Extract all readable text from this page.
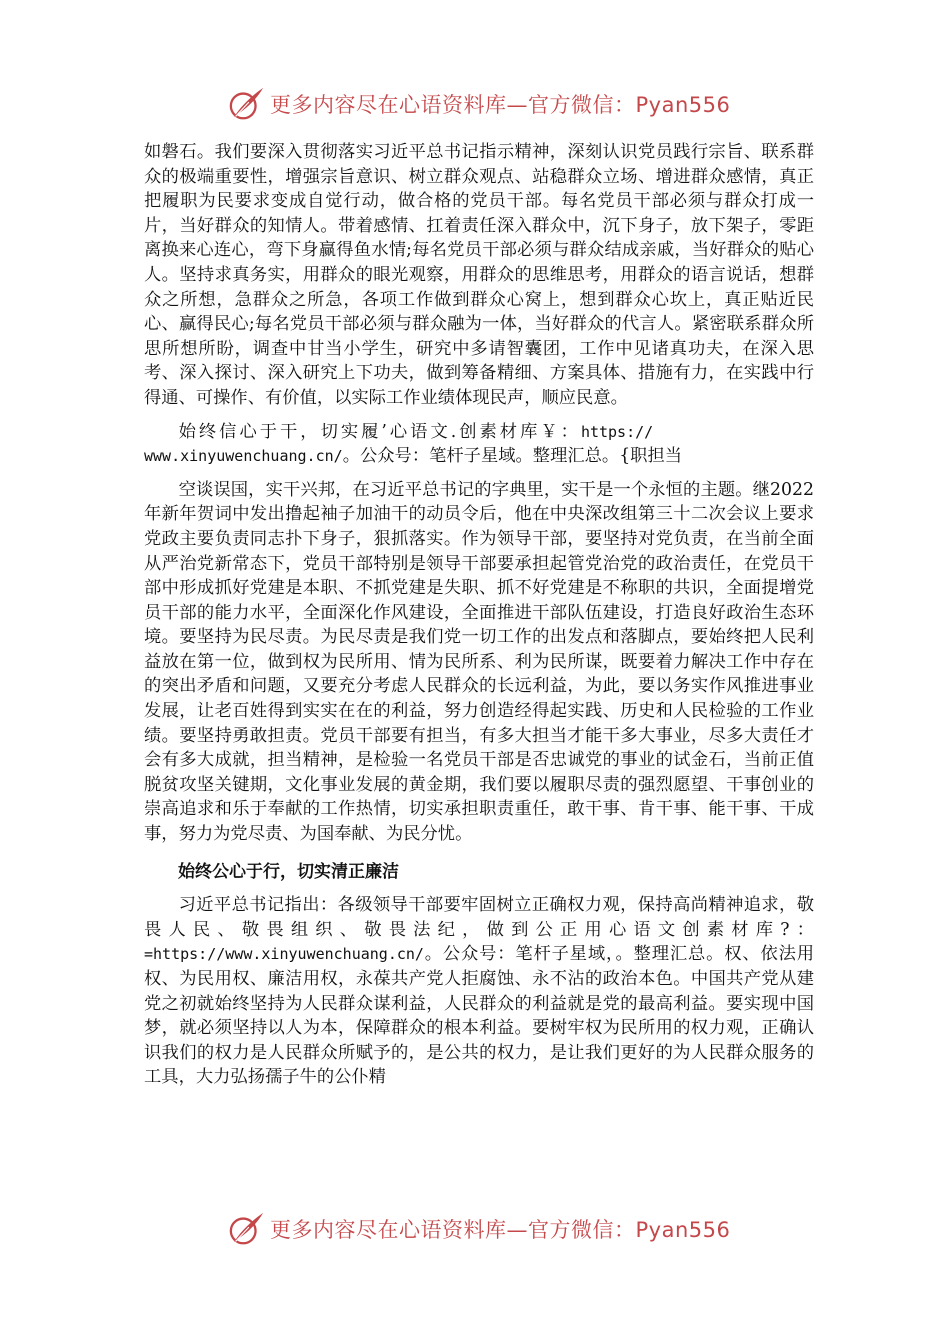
更多内容尽在心语资料库—官方微信：Pyan556

如磐石。我们要深入贯彻落实习近平总书记指示精神，深刻认识党员践行宗旨、联系群众的极端重要性，增强宗旨意识、树立群众观点、站稳群众立场、增进群众感情，真正把履职为民要求变成自觉行动，做合格的党员干部。每名党员干部必须与群众打成一片，当好群众的知情人。带着感情、扛着责任深入群众中，沉下身子，放下架子，零距离换来心连心，弯下身赢得鱼水情;每名党员干部必须与群众结成亲戚，当好群众的贴心人。坚持求真务实，用群众的眼光观察，用群众的思维思考，用群众的语言说话，想群众之所想，急群众之所急，各项工作做到群众心窝上，想到群众心坎上，真正贴近民心、赢得民心;每名党员干部必须与群众融为一体，当好群众的代言人。紧密联系群众所思所想所盼，调查中甘当小学生，研究中多请智囊团，工作中见诸真功夫，在深入思考、深入探讨、深入研究上下功夫，做到筹备精细、方案具体、措施有力，在实践中行得通、可操作、有价值，以实际工作业绩体现民声，顺应民意。

始终信心于干，切实履’心语文.创素材库￥：https://
www.xinyuwenchuang.cn/。公众号：笔杆子星域。整理汇总。{职担当

空谈误国，实干兴邦，在习近平总书记的字典里，实干是一个永恒的主题。继2022年新年贺词中发出撸起袖子加油干的动员令后，他在中央深改组第三十二次会议上要求党政主要负责同志扑下身子，狠抓落实。作为领导干部，要坚持对党负责，在当前全面从严治党新常态下，党员干部特别是领导干部要承担起管党治党的政治责任，在党员干部中形成抓好党建是本职、不抓党建是失职、抓不好党建是不称职的共识，全面提增党员干部的能力水平，全面深化作风建设，全面推进干部队伍建设，打造良好政治生态环境。要坚持为民尽责。为民尽责是我们党一切工作的出发点和落脚点，要始终把人民利益放在第一位，做到权为民所用、情为民所系、利为民所谋，既要着力解决工作中存在的突出矛盾和问题，又要充分考虑人民群众的长远利益，为此，要以务实作风推进事业发展，让老百姓得到实实在在的利益，努力创造经得起实践、历史和人民检验的工作业绩。要坚持勇敢担责。党员干部要有担当，有多大担当才能干多大事业，尽多大责任才会有多大成就，担当精神，是检验一名党员干部是否忠诚党的事业的试金石，当前正值脱贫攻坚关键期，文化事业发展的黄金期，我们要以履职尽责的强烈愿望、干事创业的崇高追求和乐于奉献的工作热情，切实承担职责重任，敢干事、肯干事、能干事、干成事，努力为党尽责、为国奉献、为民分忧。

始终公心于行，切实清正廉洁

习近平总书记指出：各级领导干部要牢固树立正确权力观，保持高尚精神追求，敬畏人民、敬畏组织、敬畏法纪，做到公正用心语文创素材库?：=https://www.xinyuwenchuang.cn/。公众号：笔杆子星域，。整理汇总。权、依法用权、为民用权、廉洁用权，永葆共产党人拒腐蚀、永不沾的政治本色。中国共产党从建党之初就始终坚持为人民群众谋利益，人民群众的利益就是党的最高利益。要实现中国梦，就必须坚持以人为本，保障群众的根本利益。要树牢权为民所用的权力观，正确认识我们的权力是人民群众所赋予的，是公共的权力，是让我们更好的为人民群众服务的工具，大力弘扬孺子牛的公仆精

更多内容尽在心语资料库—官方微信：Pyan556
